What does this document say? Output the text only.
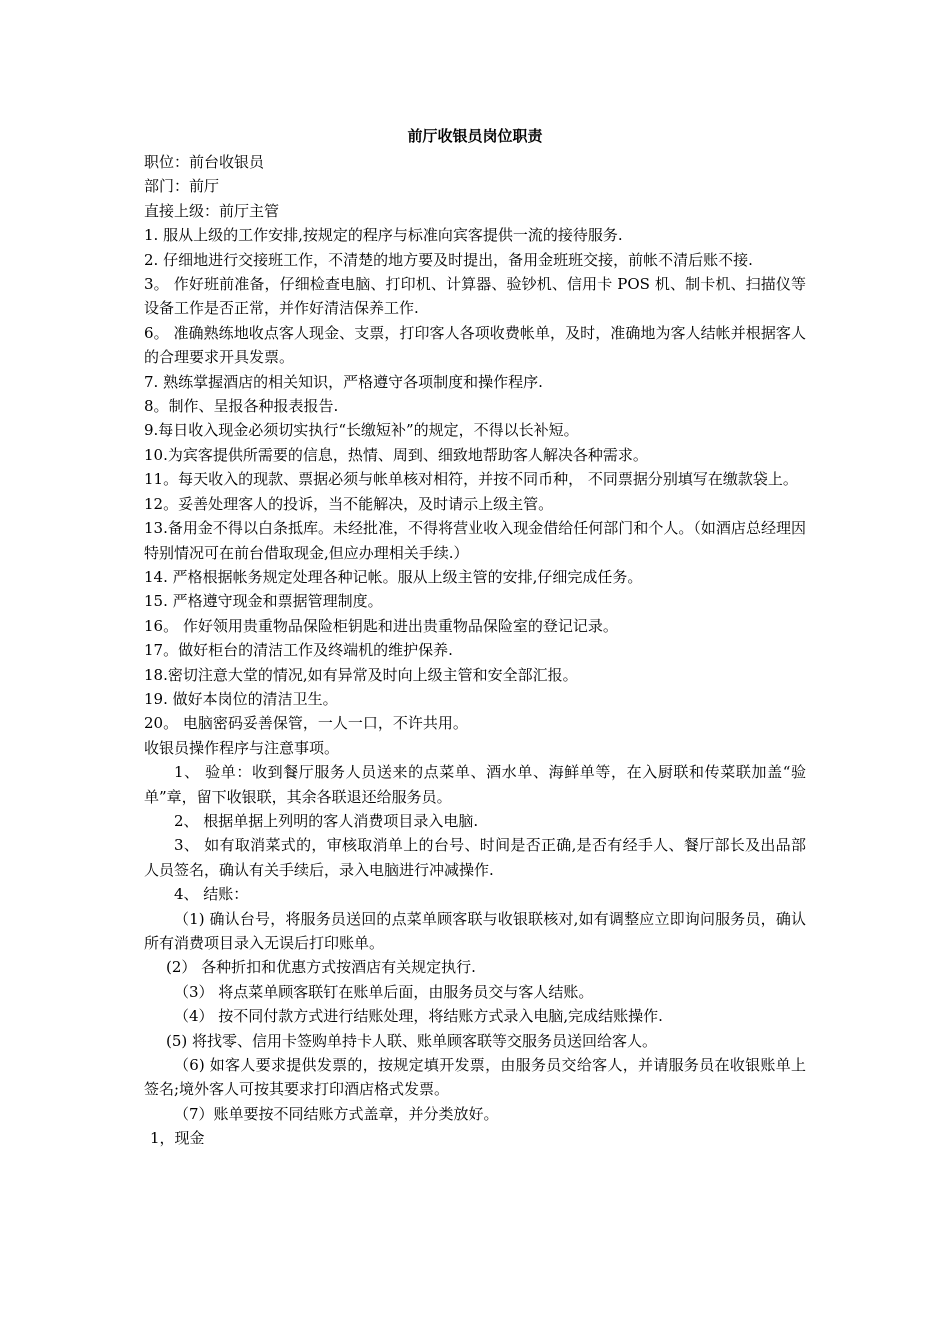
前厅收银员岗位职责

职位：前台收银员

部门：前厅

直接上级：前厅主管

1. 服从上级的工作安排,按规定的程序与标准向宾客提供一流的接待服务.

2. 仔细地进行交接班工作，不清楚的地方要及时提出，备用金班班交接，前帐不清后账不接.

3。 作好班前准备，仔细检查电脑、打印机、计算器、验钞机、信用卡 POS 机、制卡机、扫描仪等设备工作是否正常，并作好清洁保养工作.

6。 准确熟练地收点客人现金、支票，打印客人各项收费帐单，及时，准确地为客人结帐并根据客人的合理要求开具发票。

7. 熟练掌握酒店的相关知识，严格遵守各项制度和操作程序.

8。制作、呈报各种报表报告.

9.每日收入现金必须切实执行“长缴短补”的规定，不得以长补短。

10.为宾客提供所需要的信息，热情、周到、细致地帮助客人解决各种需求。

11。每天收入的现款、票据必须与帐单核对相符，并按不同币种， 不同票据分别填写在缴款袋上。

12。妥善处理客人的投诉，当不能解决，及时请示上级主管。

13.备用金不得以白条抵库。未经批准，不得将营业收入现金借给任何部门和个人。（如酒店总经理因特别情况可在前台借取现金,但应办理相关手续.）

14. 严格根据帐务规定处理各种记帐。服从上级主管的安排,仔细完成任务。

15. 严格遵守现金和票据管理制度。

16。 作好领用贵重物品保险柜钥匙和进出贵重物品保险室的登记记录。

17。做好柜台的清洁工作及终端机的维护保养.

18.密切注意大堂的情况,如有异常及时向上级主管和安全部汇报。

19. 做好本岗位的清洁卫生。

20。 电脑密码妥善保管，一人一口，不许共用。

收银员操作程序与注意事项。

1、 验单：收到餐厅服务人员送来的点菜单、酒水单、海鲜单等，在入厨联和传菜联加盖“验单”章，留下收银联，其余各联退还给服务员。

2、 根据单据上列明的客人消费项目录入电脑.

3、 如有取消菜式的，审核取消单上的台号、时间是否正确,是否有经手人、餐厅部长及出品部人员签名，确认有关手续后，录入电脑进行冲减操作.

4、 结账：

（1) 确认台号，将服务员送回的点菜单顾客联与收银联核对,如有调整应立即询问服务员，确认所有消费项目录入无误后打印账单。

(2） 各种折扣和优惠方式按酒店有关规定执行.

（3） 将点菜单顾客联钉在账单后面，由服务员交与客人结账。

（4） 按不同付款方式进行结账处理，将结账方式录入电脑,完成结账操作.

(5) 将找零、信用卡签购单持卡人联、账单顾客联等交服务员送回给客人。

（6) 如客人要求提供发票的，按规定填开发票，由服务员交给客人，并请服务员在收银账单上签名;境外客人可按其要求打印酒店格式发票。

（7）账单要按不同结账方式盖章，并分类放好。

1，现金
